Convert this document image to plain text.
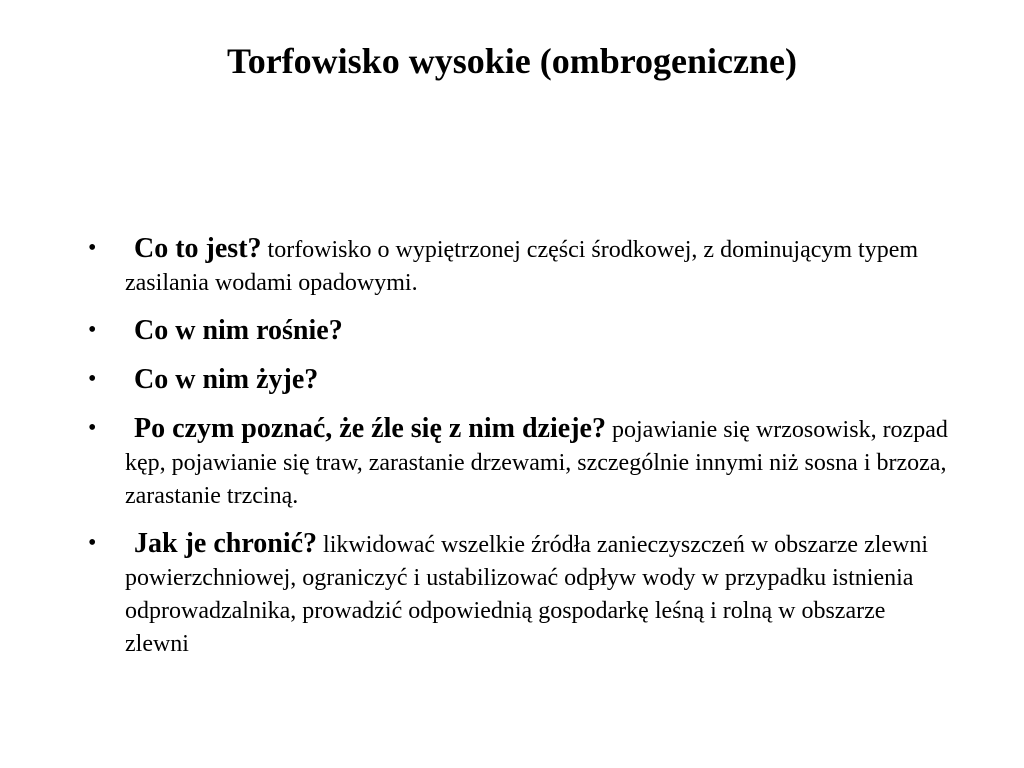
Torfowisko wysokie (ombrogeniczne)
• Co to jest? torfowisko o wypiętrzonej części środkowej, z dominującym typem zasilania wodami opadowymi.
• Co w nim rośnie?
• Co w nim żyje?
• Po czym poznać, że źle się z nim dzieje? pojawianie się wrzosowisk, rozpad kęp, pojawianie się traw, zarastanie drzewami, szczególnie innymi niż sosna i brzoza, zarastanie trzciną.
• Jak je chronić? likwidować wszelkie źródła zanieczyszczeń w obszarze zlewni powierzchniowej, ograniczyć i ustabilizować odpływ wody w przypadku istnienia odprowadzalnika, prowadzić odpowiednią gospodarkę leśną i rolną w obszarze zlewni
